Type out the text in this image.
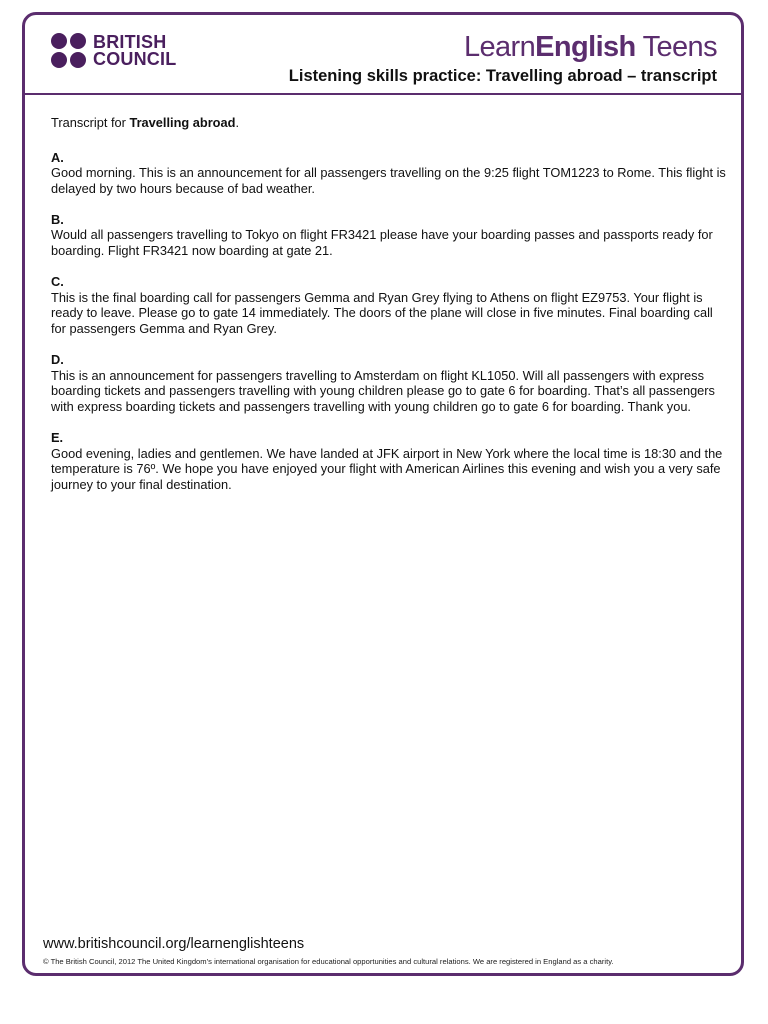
BRITISH
COUNCIL	LearnEnglish Teens
Listening skills practice: Travelling abroad – transcript

Transcript for Travelling abroad.

A.
Good morning. This is an announcement for all passengers travelling on the 9:25 flight TOM1223 to Rome. This flight is delayed by two hours because of bad weather.
B.
Would all passengers travelling to Tokyo on flight FR3421 please have your boarding passes and passports ready for boarding. Flight FR3421 now boarding at gate 21.
C.
This is the final boarding call for passengers Gemma and Ryan Grey flying to Athens on flight EZ9753. Your flight is ready to leave. Please go to gate 14 immediately. The doors of the plane will close in five minutes. Final boarding call for passengers Gemma and Ryan Grey.
D.
This is an announcement for passengers travelling to Amsterdam on flight KL1050. Will all passengers with express boarding tickets and passengers travelling with young children please go to gate 6 for boarding. That’s all passengers with express boarding tickets and passengers travelling with young children go to gate 6 for boarding. Thank you.
E.
Good evening, ladies and gentlemen. We have landed at JFK airport in New York where the local time is 18:30 and the temperature is 76º. We hope you have enjoyed your flight with American Airlines this evening and wish you a very safe journey to your final destination.
www.britishcouncil.org/learnenglishteens
© The British Council, 2012 The United Kingdom’s international organisation for educational opportunities and cultural relations. We are registered in England as a charity.
